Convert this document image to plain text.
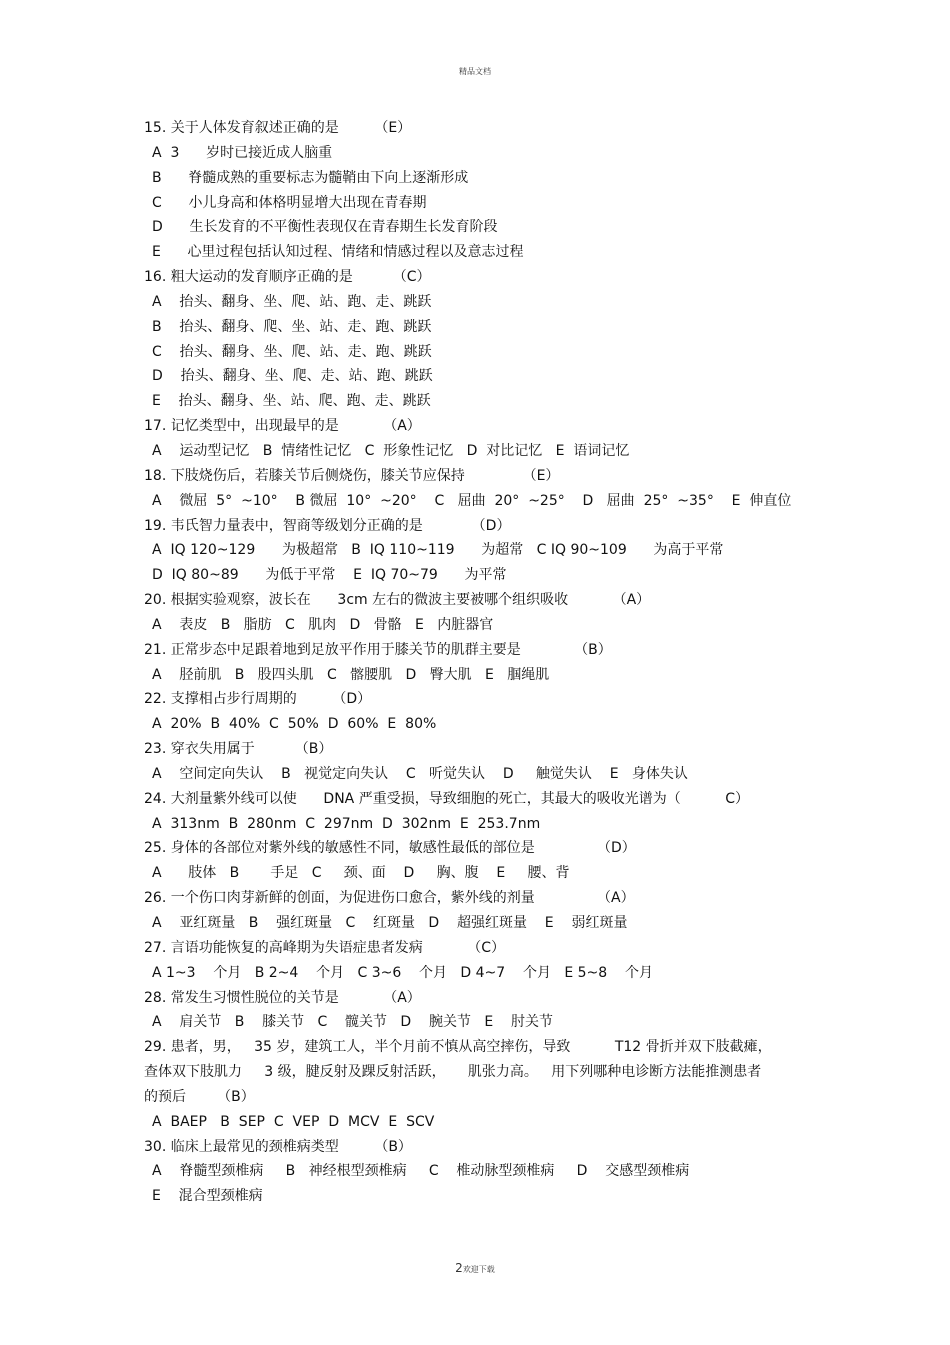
精品文档
15. 关于人体发育叙述正确的是        （E）
A  3      岁时已接近成人脑重
B      脊髓成熟的重要标志为髓鞘由下向上逐渐形成
C      小儿身高和体格明显增大出现在青春期
D      生长发育的不平衡性表现仅在青春期生长发育阶段
E      心里过程包括认知过程、情绪和情感过程以及意志过程
16. 粗大运动的发育顺序正确的是         （C）
A    抬头、翻身、坐、爬、站、跑、走、跳跃
B    抬头、翻身、爬、坐、站、走、跑、跳跃
C    抬头、翻身、坐、爬、站、走、跑、跳跃
D    抬头、翻身、坐、爬、走、站、跑、跳跃
E    抬头、翻身、坐、站、爬、跑、走、跳跃
17. 记忆类型中，出现最早的是          （A）
A    运动型记忆   B  情绪性记忆   C  形象性记忆   D  对比记忆   E  语词记忆
18. 下肢烧伤后，若膝关节后侧烧伤，膝关节应保持             （E）
A    微屈  5°  ~10°    B 微屈  10°  ~20°    C   屈曲  20°  ~25°    D   屈曲  25°  ~35°    E  伸直位
19. 韦氏智力量表中，智商等级划分正确的是           （D）
A  IQ 120~129      为极超常   B  IQ 110~119      为超常   C IQ 90~109      为高于平常
D  IQ 80~89      为低于平常    E  IQ 70~79      为平常
20. 根据实验观察，波长在      3cm 左右的微波主要被哪个组织吸收          （A）
A    表皮   B   脂肪   C   肌肉   D   骨骼   E   内脏器官
21. 正常步态中足跟着地到足放平作用于膝关节的肌群主要是            （B）
A    胫前肌   B   股四头肌   C   髂腰肌   D   臀大肌   E   腘绳肌
22. 支撑相占步行周期的        （D）
A  20%  B  40%  C  50%  D  60%  E  80%
23. 穿衣失用属于         （B）
A    空间定向失认    B   视觉定向失认    C   听觉失认    D     触觉失认    E   身体失认
24. 大剂量紫外线可以使      DNA 严重受损，导致细胞的死亡，其最大的吸收光谱为（          C）
A  313nm  B  280nm  C  297nm  D  302nm  E  253.7nm
25. 身体的各部位对紫外线的敏感性不同，敏感性最低的部位是              （D）
A      肢体   B       手足   C     颈、面    D     胸、腹    E     腰、背
26. 一个伤口肉芽新鲜的创面，为促进伤口愈合，紫外线的剂量              （A）
A    亚红斑量   B    强红斑量   C    红斑量   D    超强红斑量    E    弱红斑量
27. 言语功能恢复的高峰期为失语症患者发病          （C）
A 1~3    个月   B 2~4    个月   C 3~6    个月   D 4~7    个月   E 5~8    个月
28. 常发生习惯性脱位的关节是          （A）
A    肩关节   B    膝关节   C    髋关节   D    腕关节   E    肘关节
29. 患者，男，   35 岁，建筑工人，半个月前不慎从高空摔伤，导致          T12 骨折并双下肢截瘫，
查体双下肢肌力     3 级，腱反射及踝反射活跃，     肌张力高。   用下列哪种电诊断方法能推测患者
的预后       （B）
A  BAEP   B  SEP  C  VEP  D  MCV  E  SCV
30. 临床上最常见的颈椎病类型        （B）
A    脊髓型颈椎病     B   神经根型颈椎病     C    椎动脉型颈椎病     D    交感型颈椎病
E    混合型颈椎病
2欢迎下载
